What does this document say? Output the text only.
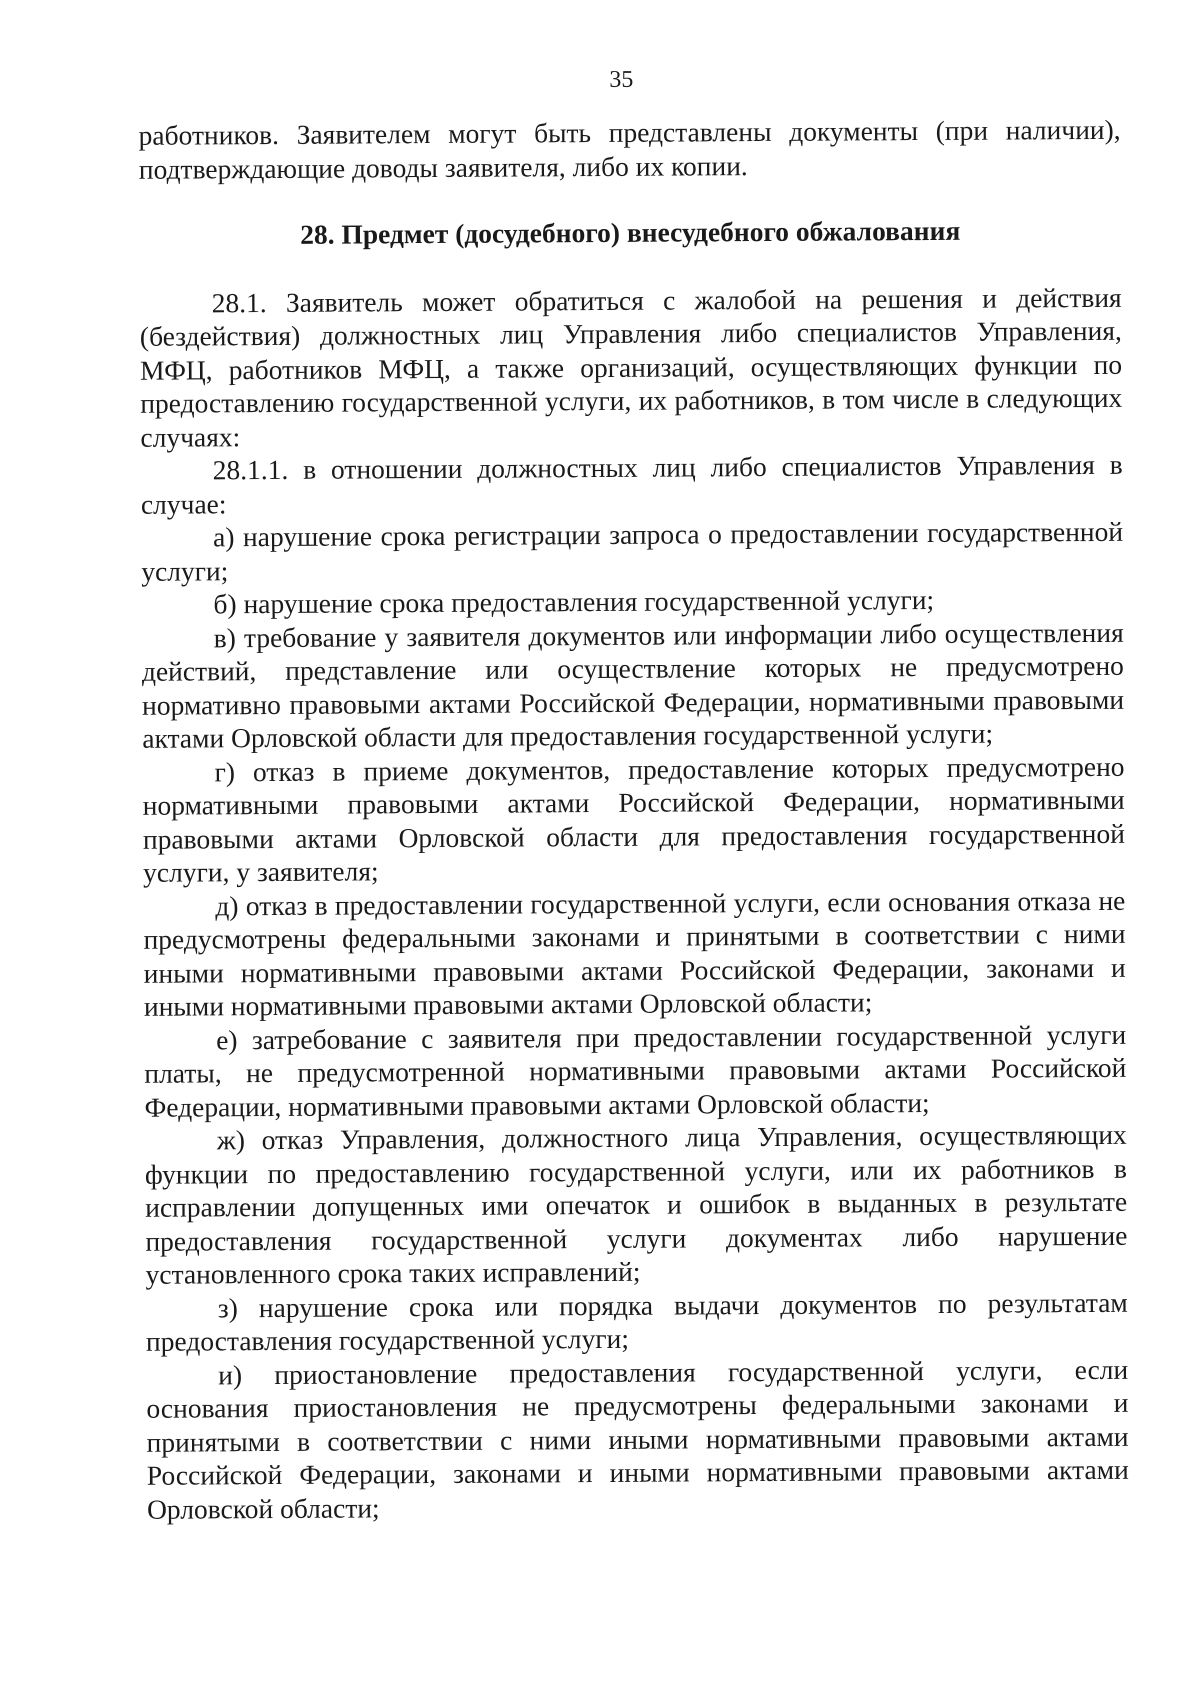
35

работников. Заявителем могут быть представлены документы (при наличии), подтверждающие доводы заявителя, либо их копии.

28. Предмет (досудебного) внесудебного обжалования

28.1. Заявитель может обратиться с жалобой на решения и действия (бездействия) должностных лиц Управления либо специалистов Управления, МФЦ, работников МФЦ, а также организаций, осуществляющих функции по предоставлению государственной услуги, их работников, в том числе в следующих случаях:

28.1.1. в отношении должностных лиц либо специалистов Управления в случае:

а) нарушение срока регистрации запроса о предоставлении государственной услуги;

б) нарушение срока предоставления государственной услуги;

в) требование у заявителя документов или информации либо осуществления действий, представление или осуществление которых не предусмотрено нормативно правовыми актами Российской Федерации, нормативными правовыми актами Орловской области для предоставления государственной услуги;

г) отказ в приеме документов, предоставление которых предусмотрено нормативными правовыми актами Российской Федерации, нормативными правовыми актами Орловской области для предоставления государственной услуги, у заявителя;

д) отказ в предоставлении государственной услуги, если основания отказа не предусмотрены федеральными законами и принятыми в соответствии с ними иными нормативными правовыми актами Российской Федерации, законами и иными нормативными правовыми актами Орловской области;

е) затребование с заявителя при предоставлении государственной услуги платы, не предусмотренной нормативными правовыми актами Российской Федерации, нормативными правовыми актами Орловской области;

ж) отказ Управления, должностного лица Управления, осуществляющих функции по предоставлению государственной услуги, или их работников в исправлении допущенных ими опечаток и ошибок в выданных в результате предоставления государственной услуги документах либо нарушение установленного срока таких исправлений;

з) нарушение срока или порядка выдачи документов по результатам предоставления государственной услуги;

и) приостановление предоставления государственной услуги, если основания приостановления не предусмотрены федеральными законами и принятыми в соответствии с ними иными нормативными правовыми актами Российской Федерации, законами и иными нормативными правовыми актами Орловской области;
